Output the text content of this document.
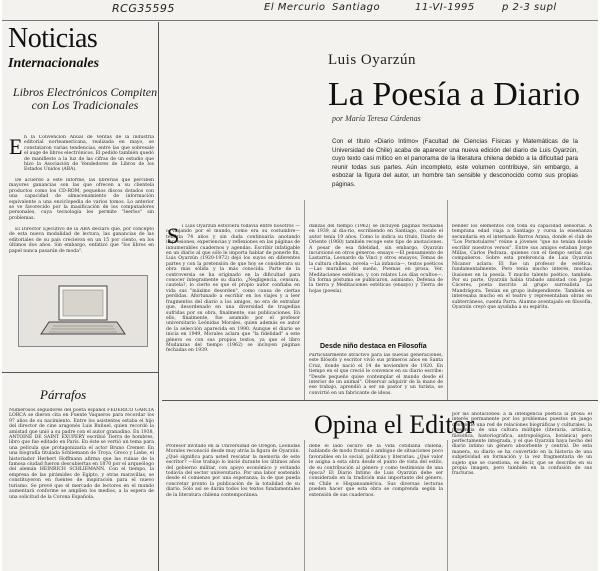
RCG35595	El Mercurio Santiago	11-VI-1995	p 2-3 supl
Noticias
Internacionales
Libros Electrónicos Compiten con Los Tradicionales
E n la Convención Anual de Ventas de la industria editorial norteamericana, realizada en mayo, se constataron varias tendencias, entre las que sobresale el auge de libros electrónicos. El pedido también quedó de manifiesto a la luz de las cifras de un estudio que hizo la Asociación de Vendedores de Libros de los Estados Unidos (ABA).
De acuerdo a este informe, las librerías que perciben mayores ganancias son las que ofrecen a su clientela productos como los CD-ROM, pequeños discos dotados con una capacidad de almacenamiento de información equivalente a una enciclopedia de varios tomos. Lo anterior se ve favorecido por la masificación de los computadores personales, cuya tecnología les permite "leerlos" sin problemas.
El Director Ejecutivo de la ABA declaró que, por concepto de esta nueva modalidad de lectura, las ganancias de las editoriales de su país crecieron en un 15 por ciento, en los últimos dos años. Sin embargo, enfatizó que "los libros en papel nunca pasarán de moda".
Párrafos
Numerosos seguidores del poeta español FEDERICO GARCIA LORCA se dieron cita en Fuente Vaqueros para recordar los 97 años de su nacimiento. Entre los asistentes estaba el hijo del director de cine aragonés Luis Buñuel, quien recordó la amistad que unió a su padre con el autor granadino. En 1938, ANTOINE DE SAINT EXUPERY escribió Tierra de hombres, libro que fue editado en París. En éste se vertió un tema para una película que protagonizaría el actor Bruno Cremer. En una biografía titulada Schliemann de Troya, Greco y Liebe, el historiador Herbert Hoffmann afirma que las ruinas de la famosa ciudad fueron descubiertas en 1870 por el arqueólogo del alemán HEINRICH SCHLIEMANN. Con el tiempo, la empresa de las pirámides de Egipto, y otras maravillas, se constituyeron en fuentes de inspiración para el nuevo turismo. Se prevé que el mercado de lectores en el mundo aumentará conforme se amplíen los medios, a la espera de una solicitud de la Corona Española.
Luis Oyarzún
La Poesía a Diario
por María Teresa Cárdenas
Con el título «Diario Intimo» (Facultad de Ciencias Físicas y Matemáticas de la Universidad de Chile) acaba de aparecer una nueva edición del diario de Luis Oyarzún, cuyo texto casi mítico en el panorama de la literatura chilena debido a la dificultad para reunir todas sus partes. Aún incompleto, este volumen contribuye, sin embargo, a esbozar la figura del autor, un hombre tan sensible y desconocido como sus propias páginas.
S i Luis Oyarzún estuviera todavía entre nosotros —o viajando por el mundo, como era su costumbre— tendría 74 años y sin duda continuaría anotando impresiones, experiencias y reflexiones en las páginas de innumerables cuadernos y agendas. Escribir infatigable en un diario al que sólo le importa hablar de ponerle fin, Luis Oyarzún (1920-1972) dejó los suyos en diferentes partes y con la pretensión de que hoy se considerara su obra más sólida y la más conocida. Parte de la controversia se ha originado en la dificultad para conocer íntegramente su diario, ¿Negligencia, censura, cautela?, lo cierto es que el propio autor confiaba en vida sus "máximo desorden", como causa de ciertas perdidas. Afortunado a escribir en los viajes y a leer fragmentos del diario a los amigos, no era de extrañar que, desordenado en una diversidad de tragedias sufridas por su obra, finalmente, sus publicaciones. En ello, finalmente, fue asumido por el profesor universitario Leónidas Morales, quien además es autor de la selección aparecida en 1990. Aunque el diario se inicia en 1949, Morales aclara que "la fidelidad" a este género es con sus propios textos, ya que el libro Mudanzas del tiempo (1962) se incluyen páginas fechadas en 1939.
danzas del tiempo (1962) se incluyen páginas fechadas en 1939, al dia-rio, escribiendo en Santiago, cuando el autor tenía 19 años. Como lo indica su título, Diario de Oriente (1960) también recoge este tipo de anotaciones. A pesar de esa fidelidad, sin embargo, Oyarzún incursionó en otros géneros: ensayo —El pensamiento de Lastarria, Leonardo da Vinci y otros ensayos, Temas de la cultura chilena, novela —La infancia—, textos poéticos —Las murallas del sueño, Poemas en prosa, Ver, Meditaciones estéticas; y con relatos Los días ocultos—. En forma póstuma se publicaron, asimismo, Defensa de la tierra y Meditaciones estéticas (ensayo) y Tierra de hojas (poesía).
Desde niño destaca en Filosofía
Particularmente atractivo para las nuevas generaciones, este filósofo y escritor vivió sus primeros años en Santa Cruz, donde nació el 14 de noviembre de 1920. En tiempo en el que creció le convence en su diario escribe: "Desde pequeño quise contemplar el mundo desde el interior de un animal". Observar adquirir de la mano de ese trabajo, aprendió a ser un pastor y un turista, se convirtió en un fabricante de ideas.
bender los elementos con toda su capacidad sensorial. A temprana edad viaja a Santiago y cursa la enseñanza secundaria en el internado Barros Arana, donde el club de "Los Pornotulares" reúne a jóvenes "que no tenían donde escribir nuestros versos". Entre sus amigos estaban Jorge Millas, Carlos Pedraza, quienes con el tiempo serían sus compañeros. Sobre esta preferencia de Luis Oyarzún Nicanor aclara: El fue un profesor de estética, fundamentalmente. Pero tenía mucho interés, muchas ilusiones en la poesía. Y mucho talento poético, también. Por su parte, Oyarzún había trabado amistad con Jorge Cáceres, poeta inscrito al grupo surrealista La Mandrágora. Tenían en grupo independiente. También se interesaba mucho en el teatro y representaban obras en subterráneos, cuenta Parra. Alumno aventajado en filosofía, Oyarzún creyó que ayudaba a su espíritu.
Opina el Editor
Profesor invitado en la Universidad de Oregon, Leónidas Morales reconoció desde muy atrás la figura de Oyarzún. ¿Qué significa para usted rescatar la memoria de este escritor? —Ese trabajo lo inicié durante los últimos años del gobierno militar, con apoyo económico y evitando todavía del sector universitario. Por una labor sostenido desde el comienzo por una esperanza; la de que pueda concretar pronto la publicación de la totalidad de su diario. Sólo así se darán todos los textos fundamentales de la literatura chilena contemporánea.
debe el lado oscuro de la vida cotidiana chilena, hablando de modo frontal o ambiguo de situaciones poco favorables en lo social, políticas y literarias. ¿Qué valor le asigna a esta obra desde el punto de vista del estilo, de su contribución al género y como testimonio de una época? El Diario Intimo de Luis Oyarzún debe ser considerado en la tradición más importante del género, en Chile e Hispanoamérica. Sus diversas lecturas pueden hacer que esta obra se comprenda según la extensión de sus cuadernos.
por las anotaciones: a la inteligencia poética la prosa: el interés permanente por los problemas puestos en juego dentro de una red de relaciones biográficas y culturales, la presencia de una cultura múltiple (literaria, artística, filosófica, historiográfica, antropológica, botánica) pero perfectamente integrada, y el que Oyarzún haya hecho del diario íntimo un género absorbente y central. De esta manera, su diario se ha convertido en la historia de una subjetividad en formación y la vez fragmentaria de un sujeto que se cuestiona, es decir, que se describe en su propia imagen, pero también en la confusión de sus fracturas.
